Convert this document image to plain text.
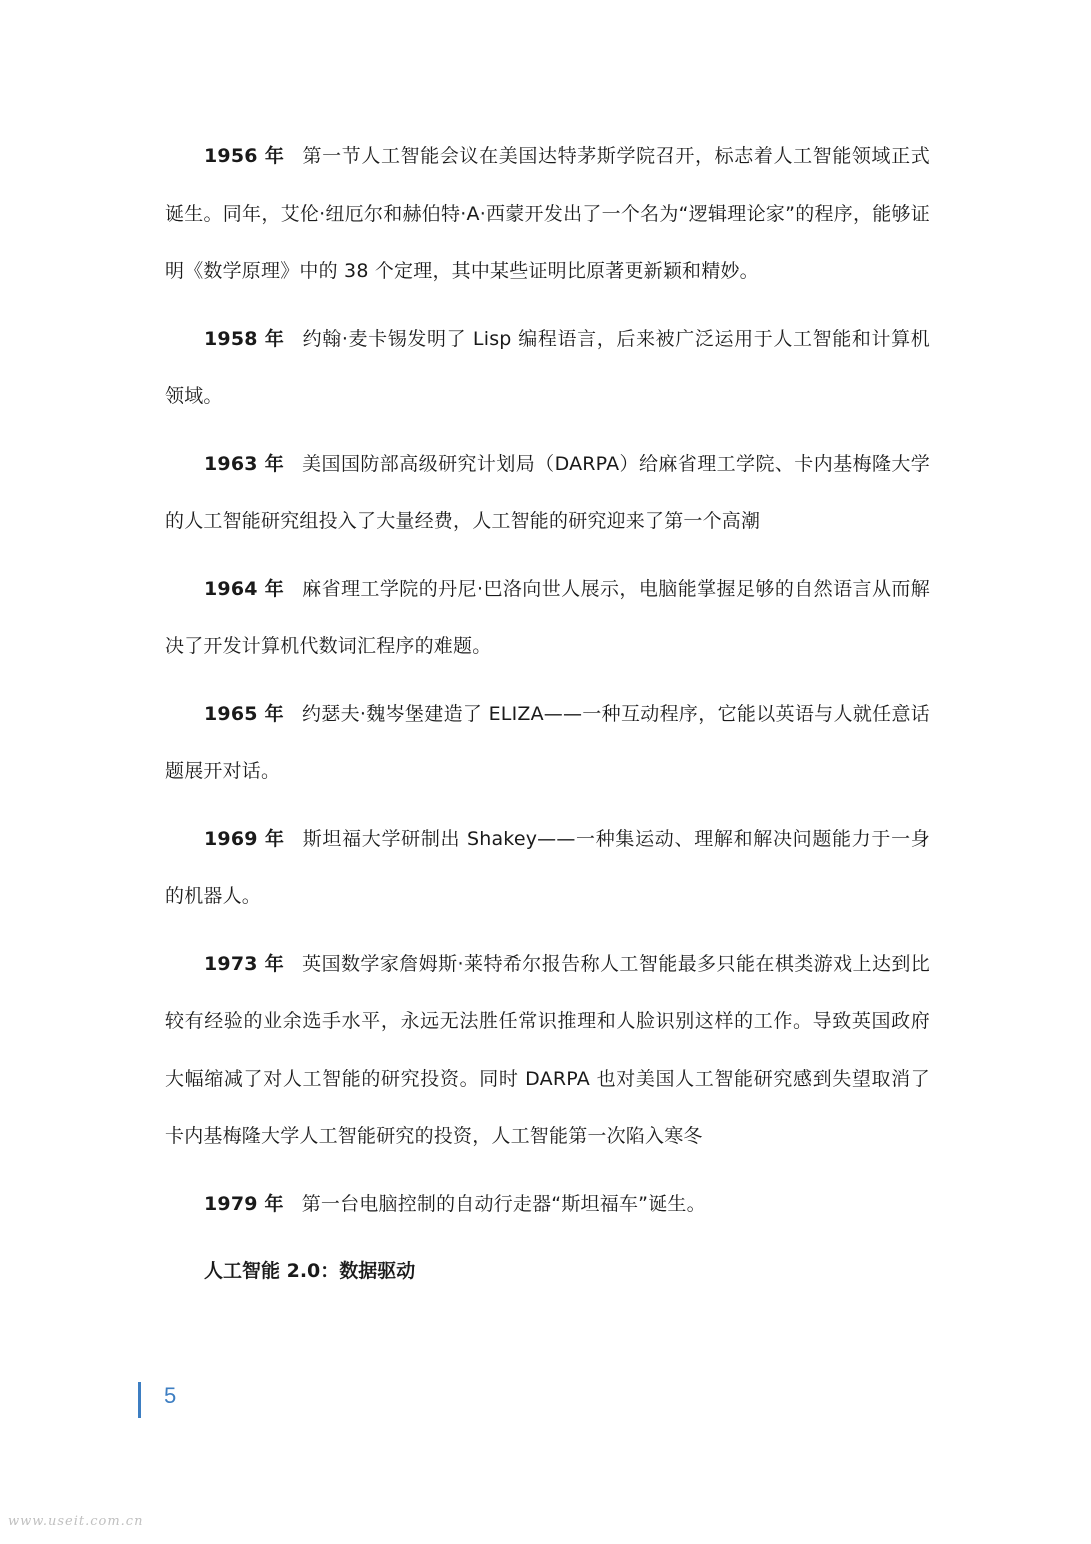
1956 年 第一节人工智能会议在美国达特茅斯学院召开，标志着人工智能领域正式诞生。同年，艾伦·纽厄尔和赫伯特·A·西蒙开发出了一个名为“逻辑理论家”的程序，能够证明《数学原理》中的 38 个定理，其中某些证明比原著更新颖和精妙。

1958 年 约翰·麦卡锡发明了 Lisp 编程语言，后来被广泛运用于人工智能和计算机领域。

1963 年 美国国防部高级研究计划局（DARPA）给麻省理工学院、卡内基梅隆大学的人工智能研究组投入了大量经费，人工智能的研究迎来了第一个高潮

1964 年 麻省理工学院的丹尼·巴洛向世人展示，电脑能掌握足够的自然语言从而解决了开发计算机代数词汇程序的难题。

1965 年 约瑟夫·魏岑堡建造了 ELIZA——一种互动程序，它能以英语与人就任意话题展开对话。

1969 年 斯坦福大学研制出 Shakey——一种集运动、理解和解决问题能力于一身的机器人。

1973 年 英国数学家詹姆斯·莱特希尔报告称人工智能最多只能在棋类游戏上达到比较有经验的业余选手水平，永远无法胜任常识推理和人脸识别这样的工作。导致英国政府大幅缩减了对人工智能的研究投资。同时 DARPA 也对美国人工智能研究感到失望取消了卡内基梅隆大学人工智能研究的投资，人工智能第一次陷入寒冬

1979 年 第一台电脑控制的自动行走器“斯坦福车”诞生。

人工智能 2.0：数据驱动

5
www.useit.com.cn
